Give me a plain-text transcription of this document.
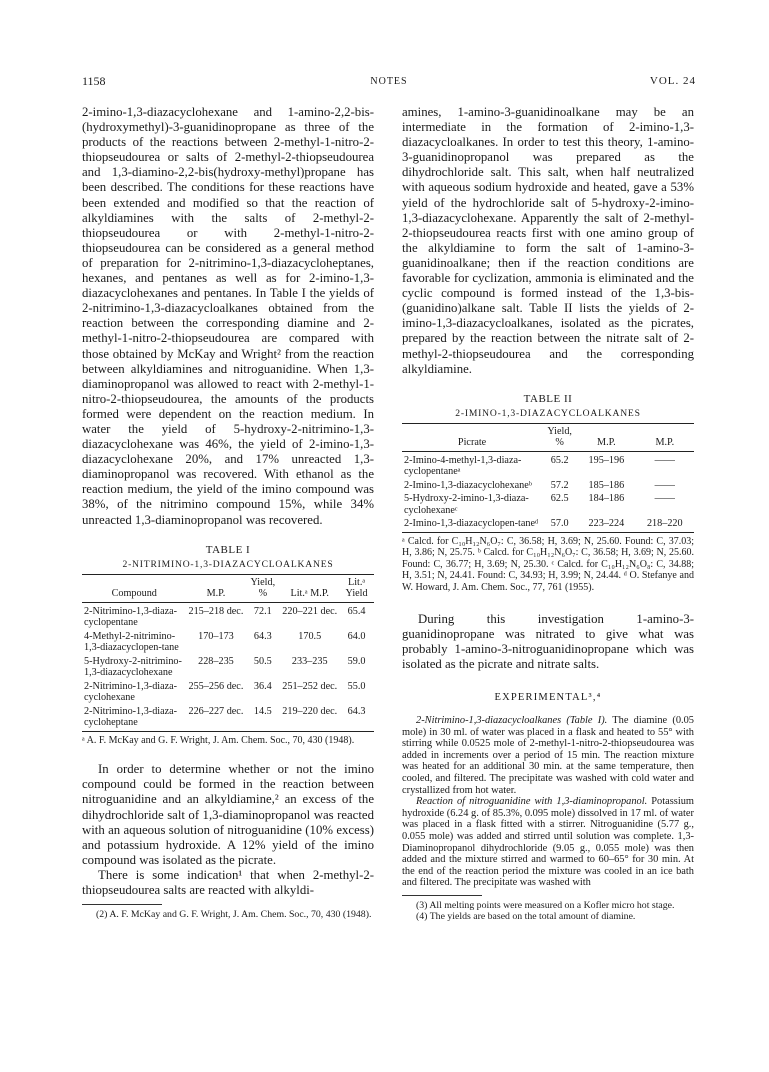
1158	NOTES	VOL. 24

2-imino-1,3-diazacyclohexane and 1-amino-2,2-bis-(hydroxymethyl)-3-guanidinopropane as three of the products of the reactions between 2-methyl-1-nitro-2-thiopseudourea or salts of 2-methyl-2-thiopseudourea and 1,3-diamino-2,2-bis(hydroxy-methyl)propane has been described. The conditions for these reactions have been extended and modified so that the reaction of alkyldiamines with the salts of 2-methyl-2-thiopseudourea or with 2-methyl-1-nitro-2-thiopseudourea can be considered as a general method of preparation for 2-nitrimino-1,3-diazacycloheptanes, hexanes, and pentanes as well as for 2-imino-1,3-diazacyclohexanes and pentanes. In Table I the yields of 2-nitrimino-1,3-diazacycloalkanes obtained from the reaction between the corresponding diamine and 2-methyl-1-nitro-2-thiopseudourea are compared with those obtained by McKay and Wright² from the reaction between alkyldiamines and nitroguanidine. When 1,3-diaminopropanol was allowed to react with 2-methyl-1-nitro-2-thiopseudourea, the amounts of the products formed were dependent on the reaction medium. In water the yield of 5-hydroxy-2-nitrimino-1,3-diazacyclohexane was 46%, the yield of 2-imino-1,3-diazacyclohexane 20%, and 17% unreacted 1,3-diaminopropanol was recovered. With ethanol as the reaction medium, the yield of the imino compound was 38%, of the nitrimino compound 15%, while 34% unreacted 1,3-diaminopropanol was recovered.

TABLE I
2-NITRIMINO-1,3-DIAZACYCLOALKANES
Compound	M.P.	Yield, %	Lit.ᵃ M.P.	Lit.ᵃ Yield
2-Nitrimino-1,3-diaza-cyclopentane	215–218 dec.	72.1	220–221 dec.	65.4
4-Methyl-2-nitrimino-1,3-diazacyclopen-tane	170–173	64.3	170.5	64.0
5-Hydroxy-2-nitrimino-1,3-diazacyclohexane	228–235	50.5	233–235	59.0
2-Nitrimino-1,3-diaza-cyclohexane	255–256 dec.	36.4	251–252 dec.	55.0
2-Nitrimino-1,3-diaza-cycloheptane	226–227 dec.	14.5	219–220 dec.	64.3

ᵃ A. F. McKay and G. F. Wright, J. Am. Chem. Soc., 70, 430 (1948).

In order to determine whether or not the imino compound could be formed in the reaction between nitroguanidine and an alkyldiamine,² an excess of the dihydrochloride salt of 1,3-diaminopropanol was reacted with an aqueous solution of nitroguanidine (10% excess) and potassium hydroxide. A 12% yield of the imino compound was isolated as the picrate.

There is some indication¹ that when 2-methyl-2-thiopseudourea salts are reacted with alkyldi-

(2) A. F. McKay and G. F. Wright, J. Am. Chem. Soc., 70, 430 (1948).

amines, 1-amino-3-guanidinoalkane may be an intermediate in the formation of 2-imino-1,3-diazacycloalkanes. In order to test this theory, 1-amino-3-guanidinopropanol was prepared as the dihydrochloride salt. This salt, when half neutralized with aqueous sodium hydroxide and heated, gave a 53% yield of the hydrochloride salt of 5-hydroxy-2-imino-1,3-diazacyclohexane. Apparently the salt of 2-methyl-2-thiopseudourea reacts first with one amino group of the alkyldiamine to form the salt of 1-amino-3-guanidinoalkane; then if the reaction conditions are favorable for cyclization, ammonia is eliminated and the cyclic compound is formed instead of the 1,3-bis-(guanidino)alkane salt. Table II lists the yields of 2-imino-1,3-diazacycloalkanes, isolated as the picrates, prepared by the reaction between the nitrate salt of 2-methyl-2-thiopseudourea and the corresponding alkyldiamine.

TABLE II
2-IMINO-1,3-DIAZACYCLOALKANES
Picrate	Yield, %	M.P.	M.P.
2-Imino-4-methyl-1,3-diaza-cyclopentaneᵃ	65.2	195–196	——
2-Imino-1,3-diazacyclohexaneᵇ	57.2	185–186	——
5-Hydroxy-2-imino-1,3-diaza-cyclohexaneᶜ	62.5	184–186	——
2-Imino-1,3-diazacyclopen-taneᵈ	57.0	223–224	218–220

ᵃ Calcd. for C₁₀H₁₂N₆O₇: C, 36.58; H, 3.69; N, 25.60. Found: C, 37.03; H, 3.86; N, 25.75. ᵇ Calcd. for C₁₀H₁₂N₆O₇: C, 36.58; H, 3.69; N, 25.60. Found: C, 36.77; H, 3.69; N, 25.30. ᶜ Calcd. for C₁₀H₁₂N₆O₈: C, 34.88; H, 3.51; N, 24.41. Found: C, 34.93; H, 3.99; N, 24.44. ᵈ O. Stefanye and W. Howard, J. Am. Chem. Soc., 77, 761 (1955).

During this investigation 1-amino-3-guanidinopropane was nitrated to give what was probably 1-amino-3-nitroguanidinopropane which was isolated as the picrate and nitrate salts.

EXPERIMENTAL³,⁴

2-Nitrimino-1,3-diazacycloalkanes (Table I). The diamine (0.05 mole) in 30 ml. of water was placed in a flask and heated to 55° with stirring while 0.0525 mole of 2-methyl-1-nitro-2-thiopseudourea was added in increments over a period of 15 min. The reaction mixture was heated for an additional 30 min. at the same temperature, then cooled, and filtered. The precipitate was washed with cold water and crystallized from hot water.

Reaction of nitroguanidine with 1,3-diaminopropanol. Potassium hydroxide (6.24 g. of 85.3%, 0.095 mole) dissolved in 17 ml. of water was placed in a flask fitted with a stirrer. Nitroguanidine (5.77 g., 0.055 mole) was added and stirred until solution was complete. 1,3-Diaminopropanol dihydrochloride (9.05 g., 0.055 mole) was then added and the mixture stirred and warmed to 60–65° for 30 min. At the end of the reaction period the mixture was cooled in an ice bath and filtered. The precipitate was washed with

(3) All melting points were measured on a Kofler micro hot stage.
(4) The yields are based on the total amount of diamine.
